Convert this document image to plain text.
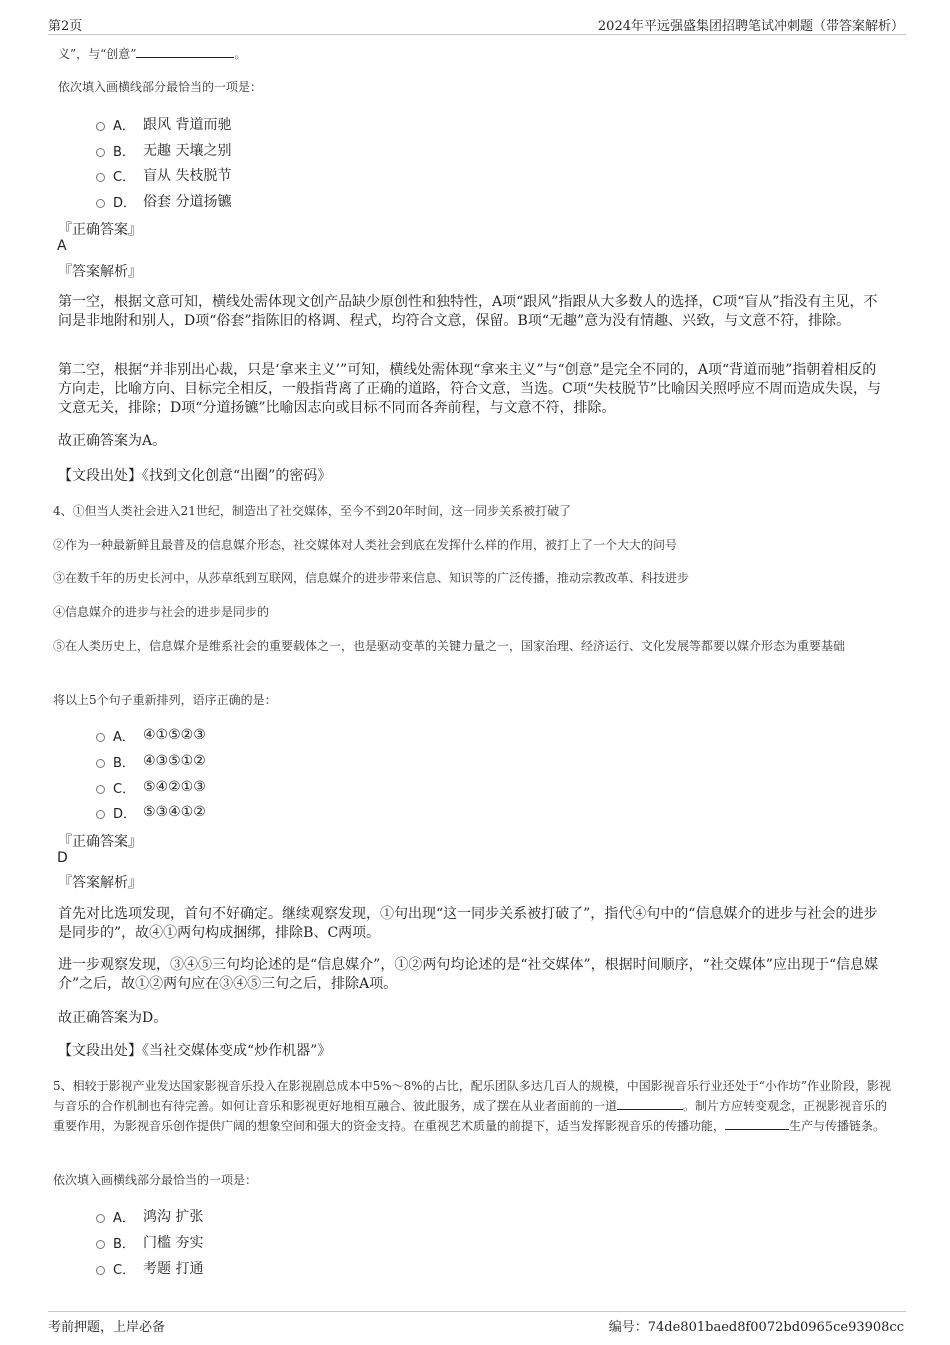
第2页	2024年平远强盛集团招聘笔试冲刺题（带答案解析）
义”，与“创意”	。
依次填入画横线部分最恰当的一项是：
A． 跟风 背道而驰
B． 无趣 天壤之别
C． 盲从 失枝脱节
D． 俗套 分道扬镳
『正确答案』
A
『答案解析』
第一空，根据文意可知，横线处需体现文创产品缺少原创性和独特性，A项“跟风”指跟从大多数人的选择，C项“盲从”指没有主见，不问是非地附和别人，D项“俗套”指陈旧的格调、程式，均符合文意，保留。B项“无趣”意为没有情趣、兴致，与文意不符，排除。
第二空，根据“并非别出心裁，只是‘拿来主义’”可知，横线处需体现“拿来主义”与“创意”是完全不同的，A项“背道而驰”指朝着相反的方向走，比喻方向、目标完全相反，一般指背离了正确的道路，符合文意，当选。C项“失枝脱节”比喻因关照呼应不周而造成失误，与文意无关，排除；D项“分道扬镳”比喻因志向或目标不同而各奔前程，与文意不符，排除。
故正确答案为A。
【文段出处】《找到文化创意“出圈”的密码》
4、①但当人类社会进入21世纪，制造出了社交媒体，至今不到20年时间，这一同步关系被打破了
②作为一种最新鲜且最普及的信息媒介形态，社交媒体对人类社会到底在发挥什么样的作用，被打上了一个大大的问号
③在数千年的历史长河中，从莎草纸到互联网，信息媒介的进步带来信息、知识等的广泛传播，推动宗教改革、科技进步
④信息媒介的进步与社会的进步是同步的
⑤在人类历史上，信息媒介是维系社会的重要载体之一，也是驱动变革的关键力量之一，国家治理、经济运行、文化发展等都要以媒介形态为重要基础
将以上5个句子重新排列，语序正确的是：
A． ④①⑤②③
B． ④③⑤①②
C． ⑤④②①③
D． ⑤③④①②
『正确答案』
D
『答案解析』
首先对比选项发现，首句不好确定。继续观察发现，①句出现“这一同步关系被打破了”，指代④句中的“信息媒介的进步与社会的进步是同步的”，故④①两句构成捆绑，排除B、C两项。
进一步观察发现，③④⑤三句均论述的是“信息媒介”，①②两句均论述的是“社交媒体”，根据时间顺序，“社交媒体”应出现于“信息媒介”之后，故①②两句应在③④⑤三句之后，排除A项。
故正确答案为D。
【文段出处】《当社交媒体变成“炒作机器”》
5、相较于影视产业发达国家影视音乐投入在影视剧总成本中5%～8%的占比，配乐团队多达几百人的规模，中国影视音乐行业还处于“小作坊”作业阶段，影视与音乐的合作机制也有待完善。如何让音乐和影视更好地相互融合、彼此服务，成了摆在从业者面前的一道	。制片方应转变观念，正视影视音乐的重要作用，为影视音乐创作提供广阔的想象空间和强大的资金支持。在重视艺术质量的前提下，适当发挥影视音乐的传播功能，	生产与传播链条。
依次填入画横线部分最恰当的一项是：
A． 鸿沟 扩张
B． 门槛 夯实
C． 考题 打通
考前押题，上岸必备	编号：74de801baed8f0072bd0965ce93908cc
